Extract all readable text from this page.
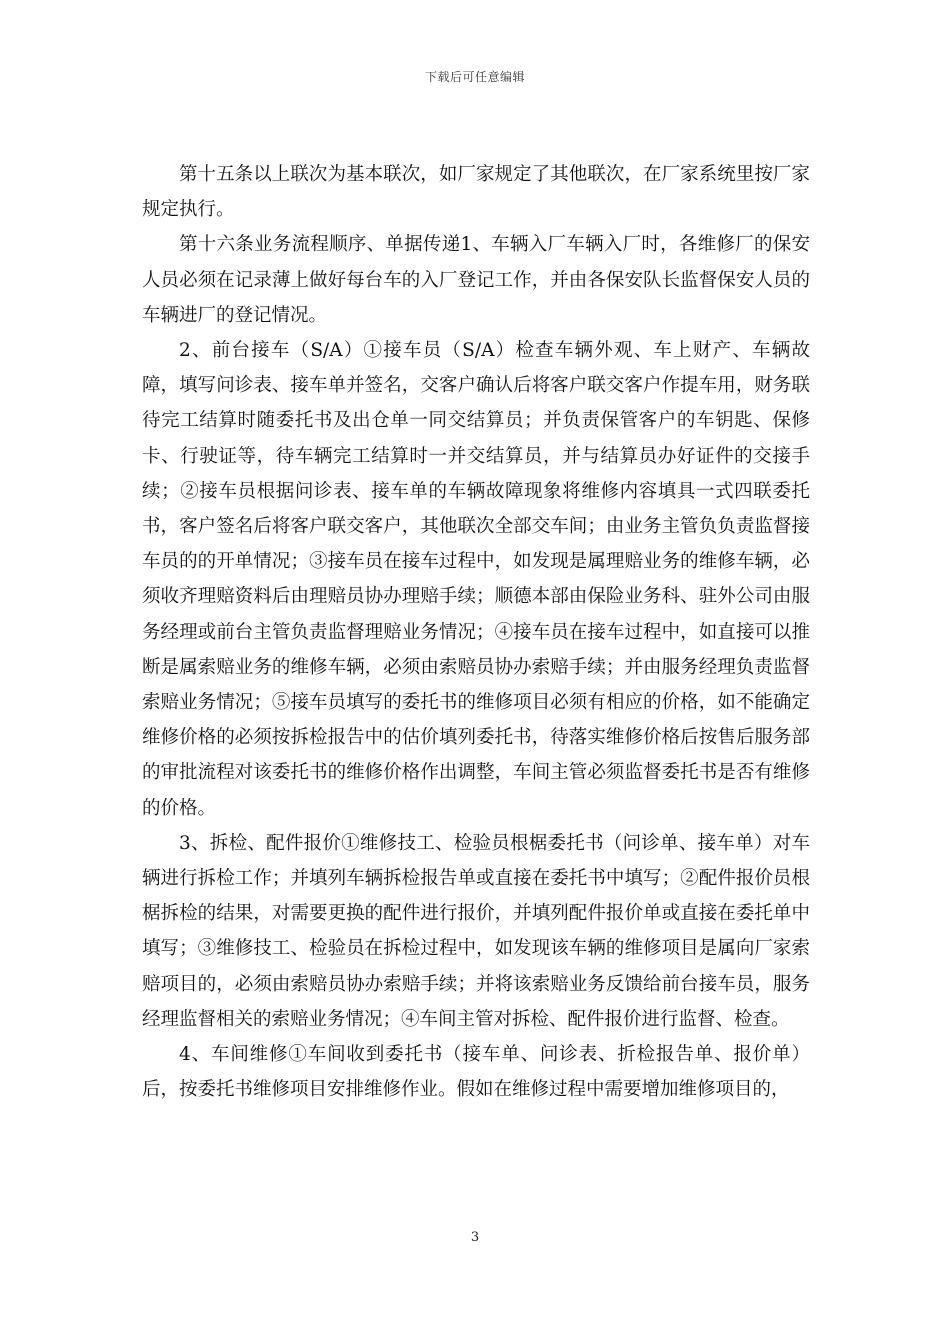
下载后可任意编辑

第十五条以上联次为基本联次，如厂家规定了其他联次，在厂家系统里按厂家规定执行。

第十六条业务流程顺序、单据传递1、车辆入厂车辆入厂时，各维修厂的保安人员必须在记录薄上做好每台车的入厂登记工作，并由各保安队长监督保安人员的车辆进厂的登记情况。

2、前台接车（S/A）①接车员（S/A）检查车辆外观、车上财产、车辆故障，填写问诊表、接车单并签名，交客户确认后将客户联交客户作提车用，财务联待完工结算时随委托书及出仓单一同交结算员；并负责保管客户的车钥匙、保修卡、行驶证等，待车辆完工结算时一并交结算员，并与结算员办好证件的交接手续；②接车员根据问诊表、接车单的车辆故障现象将维修内容填具一式四联委托书，客户签名后将客户联交客户，其他联次全部交车间；由业务主管负负责监督接车员的的开单情况；③接车员在接车过程中，如发现是属理赔业务的维修车辆，必须收齐理赔资料后由理赔员协办理赔手续；顺德本部由保险业务科、驻外公司由服务经理或前台主管负责监督理赔业务情况；④接车员在接车过程中，如直接可以推断是属索赔业务的维修车辆，必须由索赔员协办索赔手续；并由服务经理负责监督索赔业务情况；⑤接车员填写的委托书的维修项目必须有相应的价格，如不能确定维修价格的必须按拆检报告中的估价填列委托书，待落实维修价格后按售后服务部的审批流程对该委托书的维修价格作出调整，车间主管必须监督委托书是否有维修的价格。

3、拆检、配件报价①维修技工、检验员根椐委托书（问诊单、接车单）对车辆进行拆检工作；并填列车辆拆检报告单或直接在委托书中填写；②配件报价员根椐拆检的结果，对需要更换的配件进行报价，并填列配件报价单或直接在委托单中填写；③维修技工、检验员在拆检过程中，如发现该车辆的维修项目是属向厂家索赔项目的，必须由索赔员协办索赔手续；并将该索赔业务反馈给前台接车员，服务经理监督相关的索赔业务情况；④车间主管对拆检、配件报价进行监督、检查。

4、车间维修①车间收到委托书（接车单、问诊表、折检报告单、报价单）后，按委托书维修项目安排维修作业。假如在维修过程中需要增加维修项目的，

3
